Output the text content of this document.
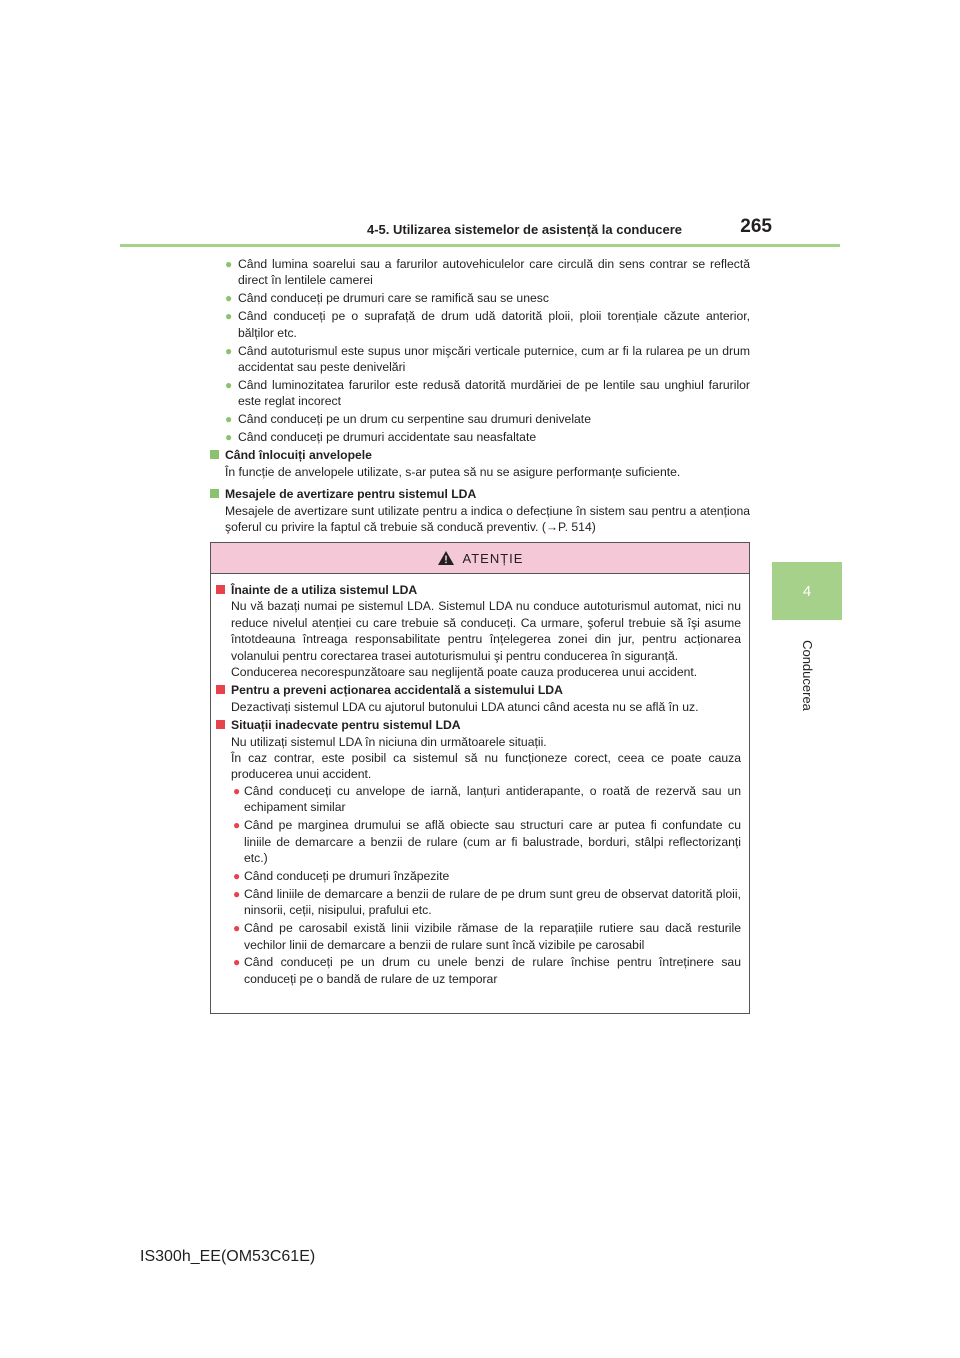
4-5. Utilizarea sistemelor de asistență la conducere	265
4
Conducerea
● Când lumina soarelui sau a farurilor autovehiculelor care circulă din sens contrar se reflectă direct în lentilele camerei
● Când conduceți pe drumuri care se ramifică sau se unesc
● Când conduceți pe o suprafață de drum udă datorită ploii, ploii torențiale căzute anterior, bălților etc.
● Când autoturismul este supus unor mişcări verticale puternice, cum ar fi la rularea pe un drum accidentat sau peste denivelări
● Când luminozitatea farurilor este redusă datorită murdăriei de pe lentile sau unghiul farurilor este reglat incorect
● Când conduceți pe un drum cu serpentine sau drumuri denivelate
● Când conduceți pe drumuri accidentate sau neasfaltate
Când înlocuiți anvelopele
În funcție de anvelopele utilizate, s-ar putea să nu se asigure performanțe suficiente.
Mesajele de avertizare pentru sistemul LDA
Mesajele de avertizare sunt utilizate pentru a indica o defecțiune în sistem sau pentru a atenționa şoferul cu privire la faptul că trebuie să conducă preventiv. (→P. 514)
ATENȚIE
Înainte de a utiliza sistemul LDA
Nu vă bazați numai pe sistemul LDA. Sistemul LDA nu conduce autoturismul automat, nici nu reduce nivelul atenției cu care trebuie să conduceți. Ca urmare, şoferul trebuie să îşi asume întotdeauna întreaga responsabilitate pentru înțelegerea zonei din jur, pentru acționarea volanului pentru corectarea trasei autoturismului şi pentru conducerea în siguranță.
Conducerea necorespunzătoare sau neglijentă poate cauza producerea unui accident.
Pentru a preveni acționarea accidentală a sistemului LDA
Dezactivați sistemul LDA cu ajutorul butonului LDA atunci când acesta nu se află în uz.
Situații inadecvate pentru sistemul LDA
Nu utilizați sistemul LDA în niciuna din următoarele situații.
În caz contrar, este posibil ca sistemul să nu funcționeze corect, ceea ce poate cauza producerea unui accident.
● Când conduceți cu anvelope de iarnă, lanțuri antiderapante, o roată de rezervă sau un echipament similar
● Când pe marginea drumului se află obiecte sau structuri care ar putea fi confundate cu liniile de demarcare a benzii de rulare (cum ar fi balustrade, borduri, stâlpi reflectorizanți etc.)
● Când conduceți pe drumuri înzăpezite
● Când liniile de demarcare a benzii de rulare de pe drum sunt greu de observat datorită ploii, ninsorii, ceții, nisipului, prafului etc.
● Când pe carosabil există linii vizibile rămase de la reparațiile rutiere sau dacă resturile vechilor linii de demarcare a benzii de rulare sunt încă vizibile pe carosabil
● Când conduceți pe un drum cu unele benzi de rulare închise pentru întreținere sau conduceți pe o bandă de rulare de uz temporar
IS300h_EE(OM53C61E)
